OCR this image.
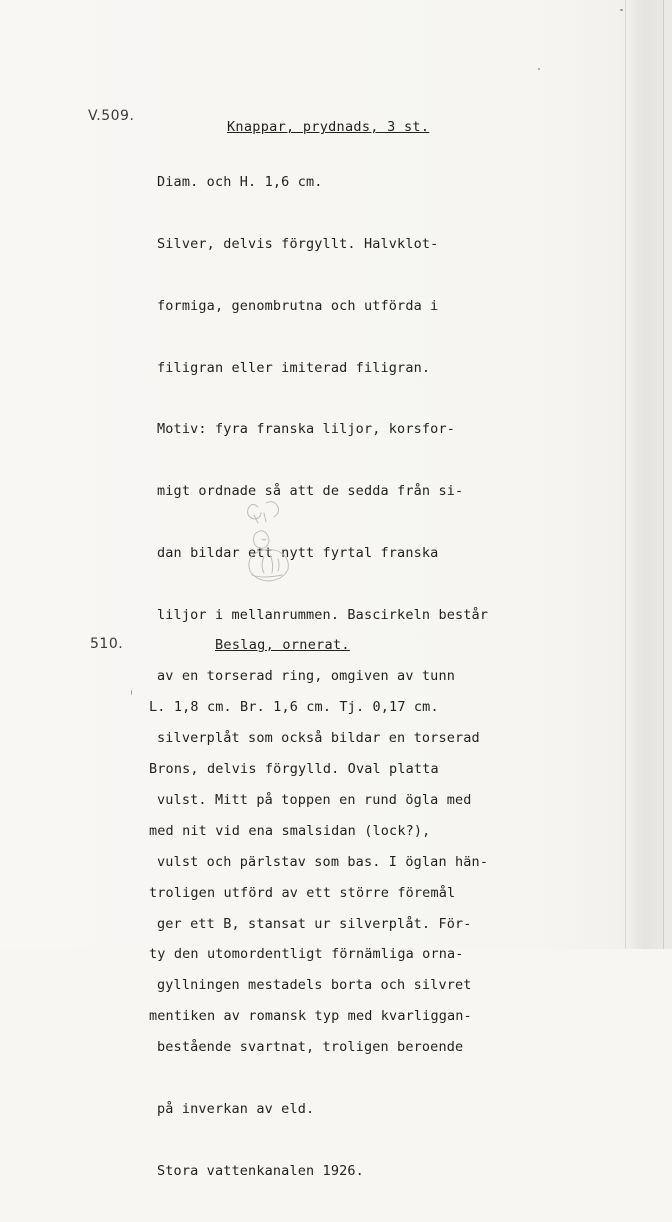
V.509.
Knappar, prydnads, 3 st.

Diam. och H. 1,6 cm.

Silver, delvis förgyllt. Halvklot-

formiga, genombrutna och utförda i

filigran eller imiterad filigran.

Motiv: fyra franska liljor, korsfor-

migt ordnade så att de sedda från si-

dan bildar ett nytt fyrtal franska

liljor i mellanrummen. Bascirkeln består

av en torserad ring, omgiven av tunn

silverplåt som också bildar en torserad

vulst. Mitt på toppen en rund ögla med

vulst och pärlstav som bas. I öglan hän-

ger ett B, stansat ur silverplåt. För-

gyllningen mestadels borta och silvret

bestående svartnat, troligen beroende

på inverkan av eld.

Stora vattenkanalen 1926.

510.	Beslag, ornerat.

L. 1,8 cm. Br. 1,6 cm. Tj. 0,17 cm.

Brons, delvis förgylld. Oval platta

med nit vid ena smalsidan (lock?),

troligen utförd av ett större föremål

ty den utomordentligt förnämliga orna-

mentiken av romansk typ med kvarliggan-
